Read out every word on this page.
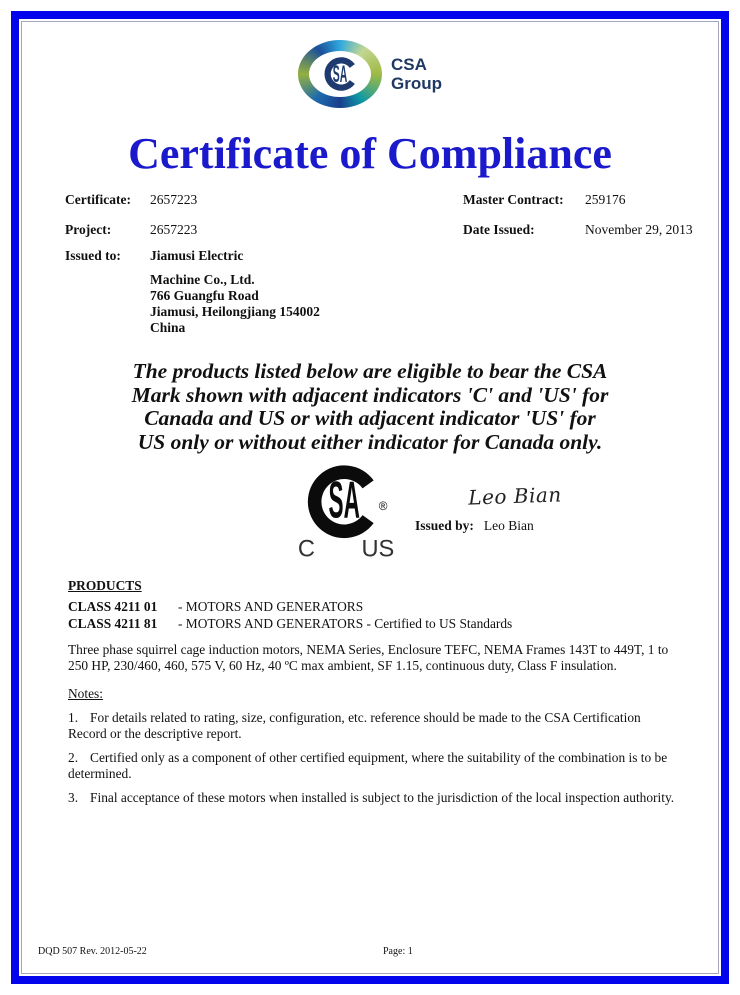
SA	CSA
Group
Certificate of Compliance
Certificate: 2657223	Master Contract: 259176
Project:	2657223	Date Issued:	November 29, 2013
Issued to: Jiamusi Electric
Machine Co., Ltd.
766 Guangfu Road
Jiamusi, Heilongjiang 154002
China
The products listed below are eligible to bear the CSA
Mark shown with adjacent indicators 'C' and 'US' for
Canada and US or with adjacent indicator 'US' for
US only or without either indicator for Canada only.
SA ®
C US
Leo Bian
Issued by: Leo Bian
PRODUCTS
CLASS 4211 01 - MOTORS AND GENERATORS
CLASS 4211 81 - MOTORS AND GENERATORS - Certified to US Standards
Three phase squirrel cage induction motors, NEMA Series, Enclosure TEFC, NEMA Frames 143T to 449T, 1 to 250 HP, 230/460, 460, 575 V, 60 Hz, 40 ºC max ambient, SF 1.15, continuous duty, Class F insulation.
Notes:
1. For details related to rating, size, configuration, etc. reference should be made to the CSA Certification Record or the descriptive report.
2. Certified only as a component of other certified equipment, where the suitability of the combination is to be determined.
3. Final acceptance of these motors when installed is subject to the jurisdiction of the local inspection authority.
DQD 507 Rev. 2012-05-22	Page: 1
